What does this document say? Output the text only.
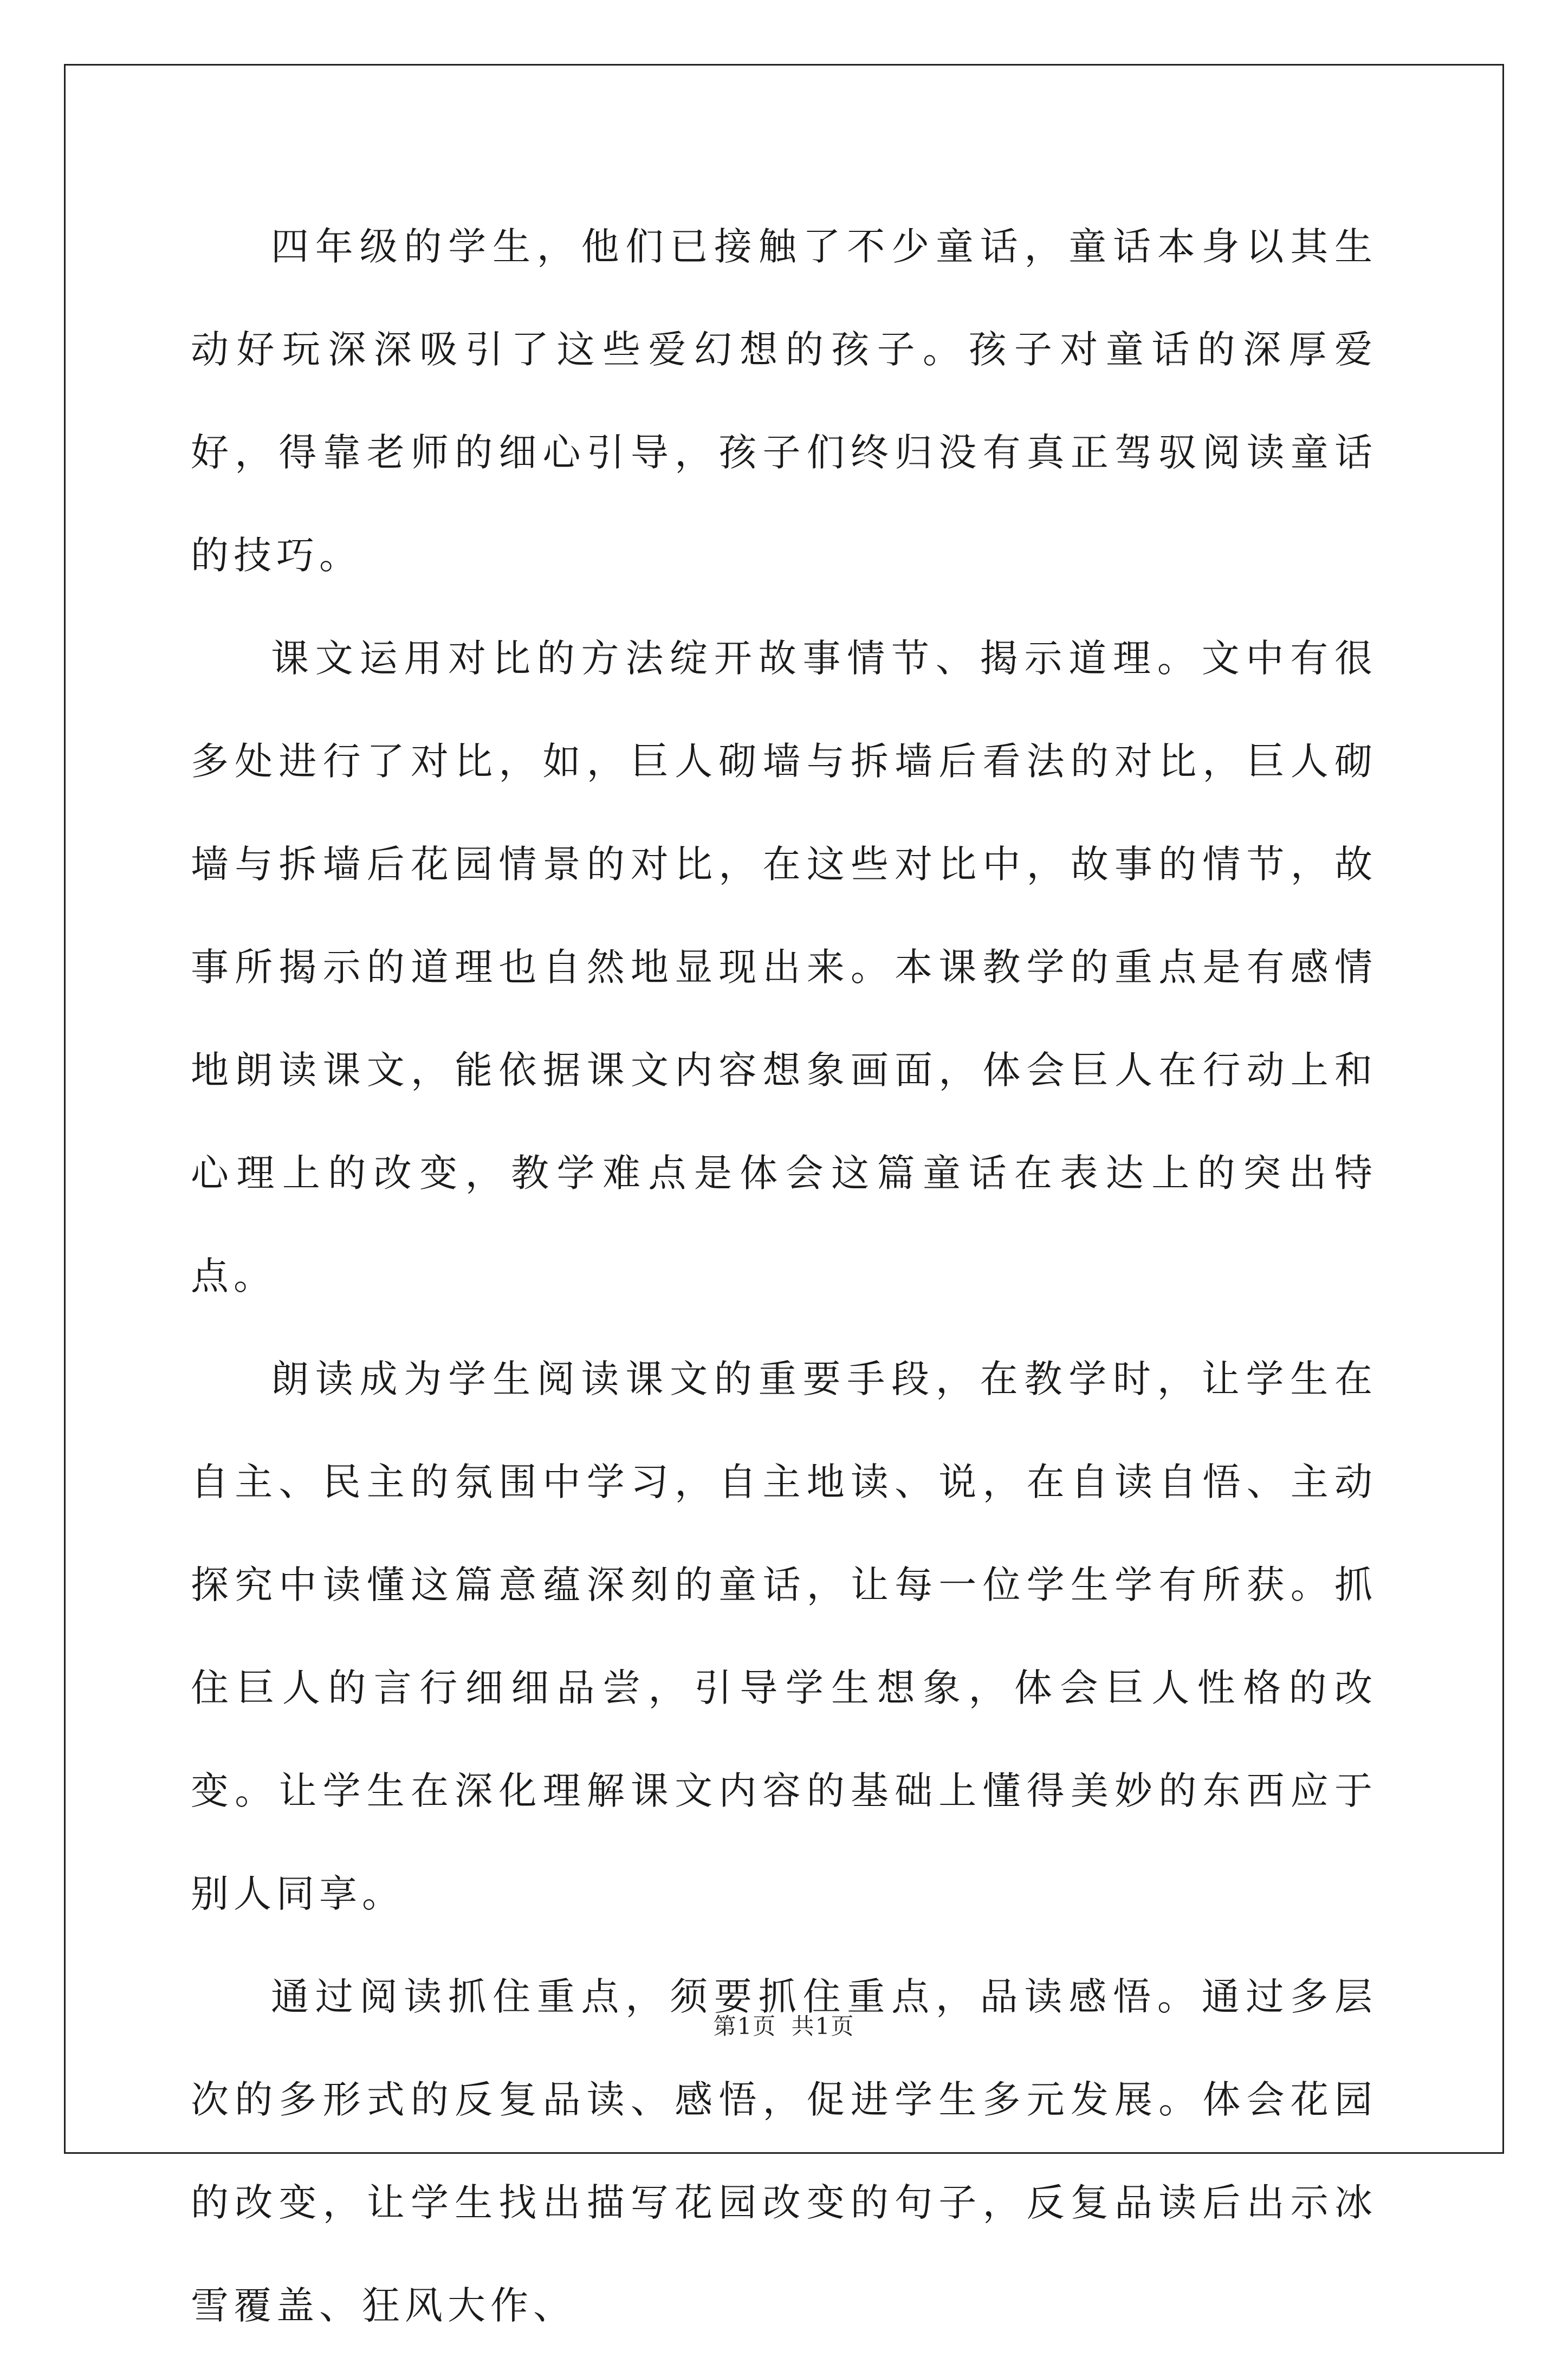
四年级的学生，他们已接触了不少童话，童话本身以其生动好玩深深吸引了这些爱幻想的孩子。孩子对童话的深厚爱好，得靠老师的细心引导，孩子们终归没有真正驾驭阅读童话的技巧。

课文运用对比的方法绽开故事情节、揭示道理。文中有很多处进行了对比，如，巨人砌墙与拆墙后看法的对比，巨人砌墙与拆墙后花园情景的对比，在这些对比中，故事的情节，故事所揭示的道理也自然地显现出来。本课教学的重点是有感情地朗读课文，能依据课文内容想象画面，体会巨人在行动上和心理上的改变，教学难点是体会这篇童话在表达上的突出特点。

朗读成为学生阅读课文的重要手段，在教学时，让学生在自主、民主的氛围中学习，自主地读、说，在自读自悟、主动探究中读懂这篇意蕴深刻的童话，让每一位学生学有所获。抓住巨人的言行细细品尝，引导学生想象，体会巨人性格的改变。让学生在深化理解课文内容的基础上懂得美妙的东西应于别人同享。

通过阅读抓住重点，须要抓住重点，品读感悟。通过多层次的多形式的反复品读、感悟，促进学生多元发展。体会花园的改变，让学生找出描写花园改变的句子，反复品读后出示冰雪覆盖、狂风大作、

第1页 共1页
